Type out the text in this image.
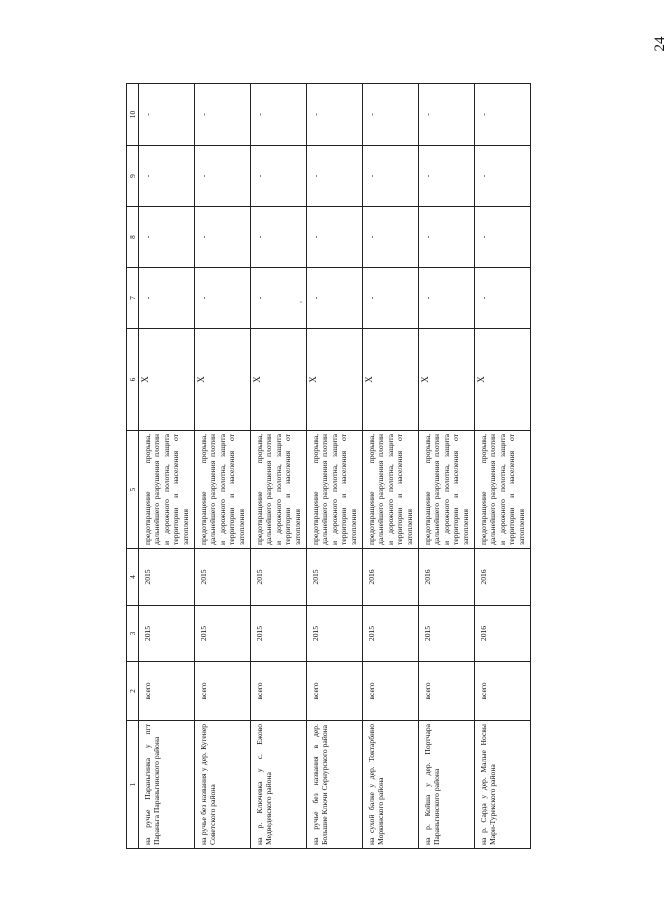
24
1	2	3	4	5	6	7	8	9	10
на ручье Параньгинка у пгт Параньга Параньгинского района	всего	2015	2015	предотвращение прорыва, дальнейшего разрушения плотин и дорожного полотна, защита территории и населения от затопления	X	-	-	-	-
на ручье без названия у дер. Кугенер Советского района	всего	2015	2015	предотвращение прорыва, дальнейшего разрушения плотин и дорожного полотна, защита территории и населения от затопления	X	-	-	-	-
на р. Ключевка у с. Ежово Медведевского района	всего	2015	2015	предотвращение прорыва, дальнейшего разрушения плотин и дорожного полотна, защита территории и населения от затопления	X	-	-	-	-
на ручье без названия в дер. Большие Ключи Сернурского района	всего	2015	2015	предотвращение прорыва, дальнейшего разрушения плотин и дорожного полотна, защита территории и населения от затопления	X	-	-	-	-
на сухой балке у дер. Токтарбино Моркинского района	всего	2015	2016	предотвращение прорыва, дальнейшего разрушения плотин и дорожного полотна, защита территории и населения от затопления	X	-	-	-	-
на р. Койша у дер. Портчара Параньгинского района	всего	2015	2016	предотвращение прорыва, дальнейшего разрушения плотин и дорожного полотна, защита территории и населения от затопления	X	-	-	-	-
на р. Сарда у дер. Малые Носвы Мари-Турекского района	всего	2016	2016	предотвращение прорыва, дальнейшего разрушения плотин и дорожного полотна, защита территории и населения от затопления	X	-	-	-	-
